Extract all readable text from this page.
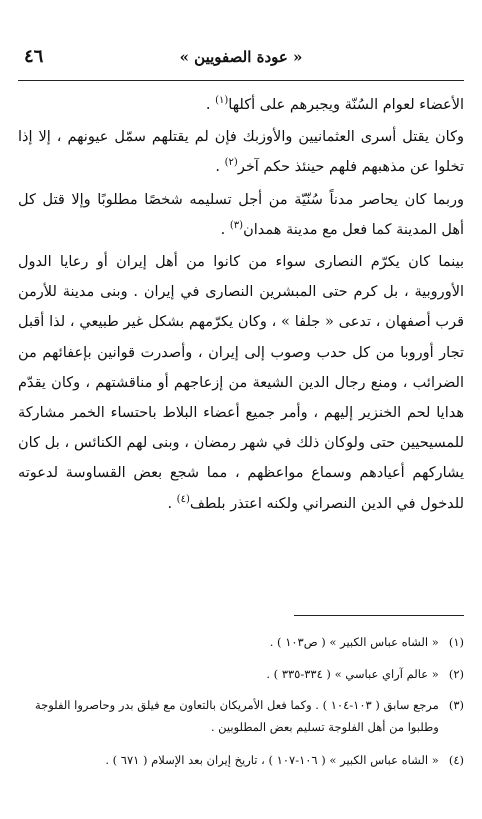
٤٦	« عودة الصفويين »

الأعضاء لعوام السُنّة ويجبرهم على أكلها$^{(١)}$ .

وكان يقتل أسرى العثمانيين والأوزبك فإن لم يقتلهم سمّل عيونهم ، إلا إذا تخلوا عن مذهبهم فلهم حينئذ حكم آخر$^{(٢)}$ .

وربما كان يحاصر مدناً سُنّيّة من أجل تسليمه شخصًا مطلوبًا وإلا قتل كل أهل المدينة كما فعل مع مدينة همدان$^{(٣)}$ .

بينما كان يكرّم النصارى سواء من كانوا من أهل إيران أو رعايا الدول الأوروبية ، بل كرم حتى المبشرين النصارى في إيران . وبنى مدينة للأرمن قرب أصفهان ، تدعى « جلفا » ، وكان يكرّمهم بشكل غير طبيعي ، لذا أقبل تجار أوروبا من كل حدب وصوب إلى إيران ، وأصدرت قوانين بإعفائهم من الضرائب ، ومنع رجال الدين الشيعة من إزعاجهم أو مناقشتهم ، وكان يقدّم هدايا لحم الخنزير إليهم ، وأمر جميع أعضاء البلاط باحتساء الخمر مشاركة للمسيحيين حتى ولوكان ذلك في شهر رمضان ، وبنى لهم الكنائس ، بل كان يشاركهم أعيادهم وسماع مواعظهم ، مما شجع بعض القساوسة لدعوته للدخول في الدين النصراني ولكنه اعتذر بلطف$^{(٤)}$ .

(١)
« الشاه عباس الكبير » ( ص١٠٣ ) .
(٢)
« عالم آراي عباسي » ( ٣٣٤-٣٣٥ ) .
(٣)
مرجع سابق ( ١٠٣-١٠٤ ) . وكما فعل الأمريكان بالتعاون مع فيلق بدر وحاصروا الفلوجة وطلبوا من أهل الفلوجة تسليم بعض المطلوبين .
(٤)
« الشاه عباس الكبير » ( ١٠٦-١٠٧ ) ، تاريخ إيران بعد الإسلام ( ٦٧١ ) .
